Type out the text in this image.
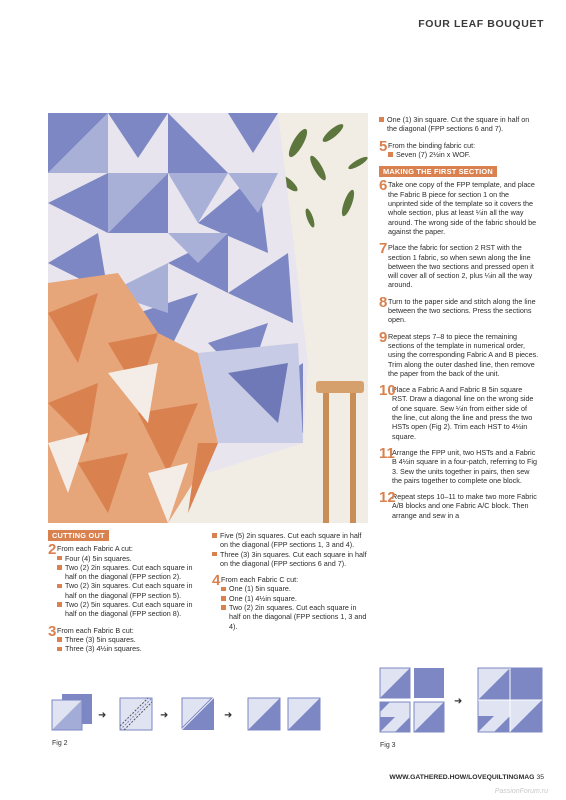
FOUR LEAF BOUQUET
CUTTING OUT
2 From each Fabric A cut:
Four (4) 5in squares.
Two (2) 2in squares. Cut each square in half on the diagonal (FPP section 2).
Two (2) 3in squares. Cut each square in half on the diagonal (FPP section 5).
Two (2) 5in squares. Cut each square in half on the diagonal (FPP section 8).
3 From each Fabric B cut:
Three (3) 5in squares.
Three (3) 4½in squares.
Five (5) 2in squares. Cut each square in half on the diagonal (FPP sections 1, 3 and 4).
Three (3) 3in squares. Cut each square in half on the diagonal (FPP sections 6 and 7).
4 From each Fabric C cut:
One (1) 5in square.
One (1) 4½in square.
Two (2) 2in squares. Cut each square in half on the diagonal (FPP sections 1, 3 and 4).
One (1) 3in square. Cut the square in half on the diagonal (FPP sections 6 and 7).
5 From the binding fabric cut:
Seven (7) 2½in x WOF.
MAKING THE FIRST SECTION
6 Take one copy of the FPP template, and place the Fabric B piece for section 1 on the unprinted side of the template so it covers the whole section, plus at least ¼in all the way around. The wrong side of the fabric should be against the paper.
7 Place the fabric for section 2 RST with the section 1 fabric, so when sewn along the line between the two sections and pressed open it will cover all of section 2, plus ¼in all the way around.
8 Turn to the paper side and stitch along the line between the two sections. Press the sections open.
9 Repeat steps 7–8 to piece the remaining sections of the template in numerical order, using the corresponding Fabric A and B pieces. Trim along the outer dashed line, then remove the paper from the back of the unit.
10
Place a Fabric A and Fabric B 5in square RST. Draw a diagonal line on the wrong side of one square. Sew ¼in from either side of the line, cut along the line and press the two HSTs open (Fig 2). Trim each HST to 4½in square.
11
Arrange the FPP unit, two HSTs and a Fabric B 4½in square in a four-patch, referring to Fig 3. Sew the units together in pairs, then sew the pairs together to complete one block.
12
Repeat steps 10–11 to make two more Fabric A/B blocks and one Fabric A/C block. Then arrange and sew in a
➜	➜	➜
Fig 2
➜
Fig 3
WWW.GATHERED.HOW/LOVEQUILTINGMAG 35
PassionForum.ru
